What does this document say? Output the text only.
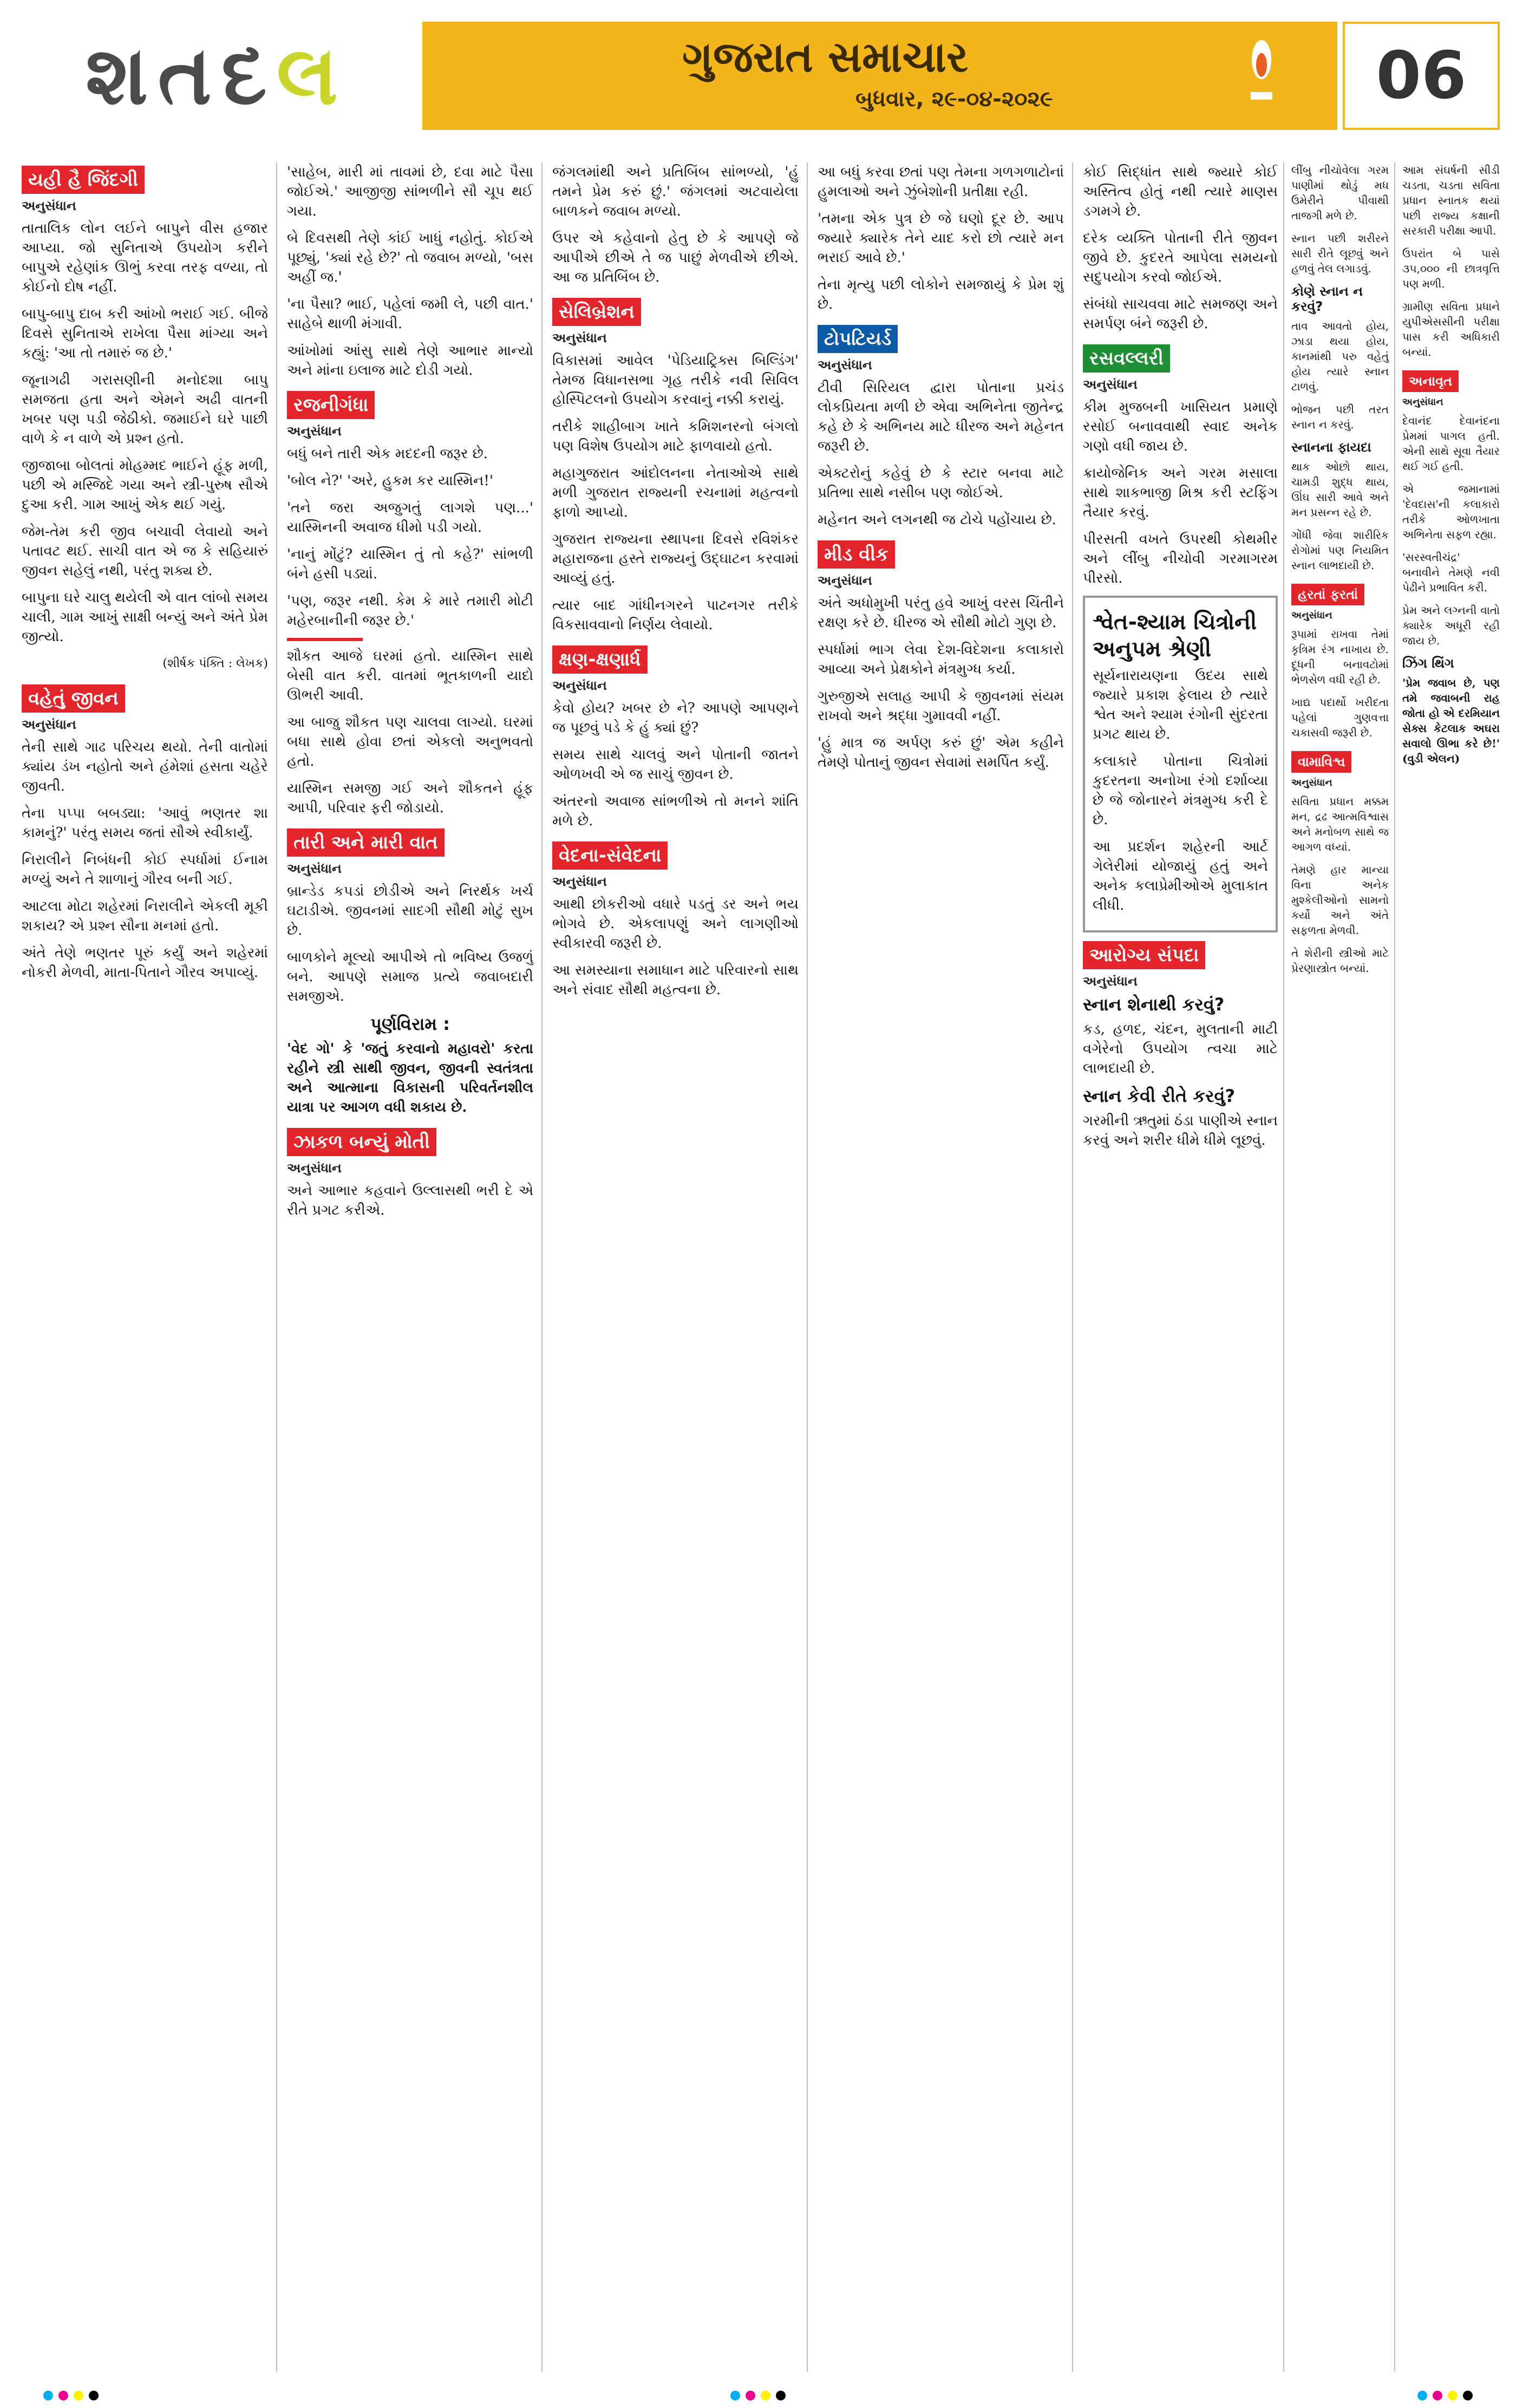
શતદલ	ગુજરાત સમાચાર
બુધવાર, ૨૯-૦૪-૨૦૨૯	06
યહી હૈ જિંદગી
અનુસંધાન

તાતાલિક લોન લઈને બાપુને વીસ હજાર આપ્યા. જો સુનિતાએ ઉપયોગ કરીને બાપુએ રહેણાંક ઊભું કરવા તરફ વળ્યા, તો કોઈનો દોષ નહીં.

બાપુ-બાપુ દાબ કરી આંખો ભરાઈ ગઈ. બીજે દિવસે સુનિતાએ રાખેલા પૈસા માંગ્યા અને કહ્યું: 'આ તો તમારું જ છે.'

જૂનાગઢી ગરાસણીની મનોદશા બાપુ સમજતા હતા અને એમને અઢી વાતની ખબર પણ પડી જેઠીકો. જમાઈને ઘરે પાછી વાળે કે ન વાળે એ પ્રશ્ન હતો.

જીજાબા બોલતાં મોહમ્મદ ભાઈને હૂંફ મળી, પછી એ મસ્જિદે ગયા અને સ્ત્રી-પુરુષ સૌએ દુઆ કરી. ગામ આખું એક થઈ ગયું.

જેમ-તેમ કરી જીવ બચાવી લેવાયો અને પતાવટ થઈ. સાચી વાત એ જ કે સહિયારું જીવન સહેલું નથી, પરંતુ શક્ય છે.

બાપુના ઘરે ચાલુ થયેલી એ વાત લાંબો સમય ચાલી, ગામ આખું સાક્ષી બન્યું અને અંતે પ્રેમ જીત્યો.

(શીર્ષક પંક્તિ : લેખક)

વહેતું જીવન
અનુસંધાન

તેની સાથે ગાઢ પરિચય થયો. તેની વાતોમાં ક્યાંય ડંખ નહોતો અને હંમેશાં હસતા ચહેરે જીવતી.

તેના પપ્પા બબડ્યા: 'આવું ભણતર શા કામનું?' પરંતુ સમય જતાં સૌએ સ્વીકાર્યું.

નિરાલીને નિબંધની કોઈ સ્પર્ધામાં ઈનામ મળ્યું અને તે શાળાનું ગૌરવ બની ગઈ.

આટલા મોટા શહેરમાં નિરાલીને એકલી મૂકી શકાય? એ પ્રશ્ન સૌના મનમાં હતો.

અંતે તેણે ભણતર પૂરું કર્યું અને શહેરમાં નોકરી મેળવી, માતા-પિતાને ગૌરવ અપાવ્યું.

'સાહેબ, મારી માં તાવમાં છે, દવા માટે પૈસા જોઈએ.' આજીજી સાંભળીને સૌ ચૂપ થઈ ગયા.

બે દિવસથી તેણે કાંઈ ખાધું નહોતું. કોઈએ પૂછ્યું, 'ક્યાં રહે છે?' તો જવાબ મળ્યો, 'બસ અહીં જ.'

'ના પૈસા? ભાઈ, પહેલાં જમી લે, પછી વાત.' સાહેબે થાળી મંગાવી.

આંખોમાં આંસુ સાથે તેણે આભાર માન્યો અને માંના ઇલાજ માટે દોડી ગયો.

રજનીગંધા
અનુસંધાન

બધું બને તારી એક મદદની જરૂર છે.

'બોલ ને?' 'અરે, હુકમ કર યાસ્મિન!'

'તને જરા અજુગતું લાગશે પણ...' યાસ્મિનની અવાજ ધીમો પડી ગયો.

'નાનું મોંટું? યાસ્મિન તું તો કહે?' સાંભળી બંને હસી પડ્યાં.

'પણ, જરૂર નથી. કેમ કે મારે તમારી મોટી મહેરબાનીની જરૂર છે.'

શૌકત આજે ઘરમાં હતો. યાસ્મિન સાથે બેસી વાત કરી. વાતમાં ભૂતકાળની યાદો ઊભરી આવી.

આ બાજુ શૌકત પણ ચાલવા લાગ્યો. ઘરમાં બધા સાથે હોવા છતાં એકલો અનુભવતો હતો.

યાસ્મિન સમજી ગઈ અને શૌકતને હૂંફ આપી, પરિવાર ફરી જોડાયો.

તારી અને મારી વાત
અનુસંધાન

બ્રાન્ડેડ કપડાં છોડીએ અને નિરર્થક ખર્ચ ઘટાડીએ. જીવનમાં સાદગી સૌથી મોટું સુખ છે.

બાળકોને મૂલ્યો આપીએ તો ભવિષ્ય ઉજળું બને. આપણે સમાજ પ્રત્યે જવાબદારી સમજીએ.

પૂર્ણવિરામ :

'વેદ ગો' કે 'જતું કરવાનો મહાવરો' કરતા રહીને સ્ત્રી સાથી જીવન, જીવની સ્વતંત્રતા અને આત્માના વિકાસની પરિવર્તનશીલ યાત્રા પર આગળ વધી શકાય છે.

ઝાકળ બન્યું મોતી
અનુસંધાન

અને આભાર કહવાને ઉલ્લાસથી ભરી દે એ રીતે પ્રગટ કરીએ.

જંગલમાંથી અને પ્રતિબિંબ સાંભળ્યો, 'હું તમને પ્રેમ કરું છું.' જંગલમાં અટવાયેલા બાળકને જવાબ મળ્યો.

ઉપર એ કહેવાનો હેતુ છે કે આપણે જે આપીએ છીએ તે જ પાછું મેળવીએ છીએ. આ જ પ્રતિબિંબ છે.

સેલિબ્રેશન
અનુસંધાન

વિકાસમાં આવેલ 'પેડિયાટ્રિક્સ બિલ્ડિંગ' તેમજ વિધાનસભા ગૃહ તરીકે નવી સિવિલ હોસ્પિટલનો ઉપયોગ કરવાનું નક્કી કરાયું.

તરીકે શાહીબાગ ખાતે કમિશનરનો બંગલો પણ વિશેષ ઉપયોગ માટે ફાળવાયો હતો.

મહાગુજરાત આંદોલનના નેતાઓએ સાથે મળી ગુજરાત રાજ્યની રચનામાં મહત્વનો ફાળો આપ્યો.

ગુજરાત રાજ્યના સ્થાપના દિવસે રવિશંકર મહારાજના હસ્તે રાજ્યનું ઉદ્ઘાટન કરવામાં આવ્યું હતું.

ત્યાર બાદ ગાંધીનગરને પાટનગર તરીકે વિકસાવવાનો નિર્ણય લેવાયો.

ક્ષણ-ક્ષણાર્ધ
અનુસંધાન

કેવો હોય? ખબર છે ને? આપણે આપણને જ પૂછવું પડે કે હું ક્યાં છું?

સમય સાથે ચાલવું અને પોતાની જાતને ઓળખવી એ જ સાચું જીવન છે.

અંતરનો અવાજ સાંભળીએ તો મનને શાંતિ મળે છે.

વેદના-સંવેદના
અનુસંધાન

આથી છોકરીઓ વધારે પડતું ડર અને ભય ભોગવે છે. એકલાપણું અને લાગણીઓ સ્વીકારવી જરૂરી છે.

આ સમસ્યાના સમાધાન માટે પરિવારનો સાથ અને સંવાદ સૌથી મહત્વના છે.

આ બધું કરવા છતાં પણ તેમના ગળગળાટોનાં હુમલાઓ અને ઝુંબેશોની પ્રતીક્ષા રહી.

'તમના એક પુત્ર છે જે ઘણો દૂર છે. આપ જ્યારે ક્યારેક તેને યાદ કરો છો ત્યારે મન ભરાઈ આવે છે.'

તેના મૃત્યુ પછી લોકોને સમજાયું કે પ્રેમ શું છે.

ટોપટિયર્ડ
અનુસંધાન

ટીવી સિરિયલ દ્વારા પોતાના પ્રચંડ લોકપ્રિયતા મળી છે એવા અભિનેતા જીતેન્દ્ર કહે છે કે અભિનય માટે ધીરજ અને મહેનત જરૂરી છે.

એક્ટરોનું કહેવું છે કે સ્ટાર બનવા માટે પ્રતિભા સાથે નસીબ પણ જોઈએ.

મહેનત અને લગનથી જ ટોચે પહોંચાય છે.

મીડ વીક
અનુસંધાન

અંતે અધોમુખી પરંતુ હવે આખું વરસ ચિંતીને રક્ષણ કરે છે. ધીરજ એ સૌથી મોટો ગુણ છે.

સ્પર્ધામાં ભાગ લેવા દેશ-વિદેશના કલાકારો આવ્યા અને પ્રેક્ષકોને મંત્રમુગ્ધ કર્યા.

ગુરુજીએ સલાહ આપી કે જીવનમાં સંયમ રાખવો અને શ્રદ્ધા ગુમાવવી નહીં.

'હું માત્ર જ અર્પણ કરું છું' એમ કહીને તેમણે પોતાનું જીવન સેવામાં સમર્પિત કર્યું.

કોઈ સિદ્ધાંત સાથે જ્યારે કોઈ અસ્તિત્વ હોતું નથી ત્યારે માણસ ડગમગે છે.

દરેક વ્યક્તિ પોતાની રીતે જીવન જીવે છે. કુદરતે આપેલા સમયનો સદુપયોગ કરવો જોઈએ.

સંબંધો સાચવવા માટે સમજણ અને સમર્પણ બંને જરૂરી છે.

રસવલ્લરી
અનુસંધાન

કીમ મુજબની ખાસિયત પ્રમાણે રસોઈ બનાવવાથી સ્વાદ અનેક ગણો વધી જાય છે.

ક્રાયોજેનિક અને ગરમ મસાલા સાથે શાકભાજી મિશ્ર કરી સ્ટફિંગ તૈયાર કરવું.

પીરસતી વખતે ઉપરથી કોથમીર અને લીંબુ નીચોવી ગરમાગરમ પીરસો.

શ્વેત-શ્યામ ચિત્રોની અનુપમ શ્રેણી

સૂર્યનારાયણના ઉદય સાથે જ્યારે પ્રકાશ ફેલાય છે ત્યારે શ્વેત અને શ્યામ રંગોની સુંદરતા પ્રગટ થાય છે.

કલાકારે પોતાના ચિત્રોમાં કુદરતના અનોખા રંગો દર્શાવ્યા છે જે જોનારને મંત્રમુગ્ધ કરી દે છે.

આ પ્રદર્શન શહેરની આર્ટ ગેલેરીમાં યોજાયું હતું અને અનેક કલાપ્રેમીઓએ મુલાકાત લીધી.

આરોગ્ય સંપદા
અનુસંધાન
સ્નાન શેનાથી કરવું?

કડ, હળદ, ચંદન, મુલતાની માટી વગેરેનો ઉપયોગ ત્વચા માટે લાભદાયી છે.

સ્નાન કેવી રીતે કરવું?

ગરમીની ઋતુમાં ઠંડા પાણીએ સ્નાન કરવું અને શરીર ધીમે ધીમે લૂછવું.

લીંબુ નીચોવેલા ગરમ પાણીમાં થોડું મધ ઉમેરીને પીવાથી તાજગી મળે છે.

સ્નાન પછી શરીરને સારી રીતે લૂછવું અને હળવું તેલ લગાડવું.

કોણે સ્નાન ન કરવું?

તાવ આવતો હોય, ઝાડા થયા હોય, કાનમાંથી પરુ વહેતું હોય ત્યારે સ્નાન ટાળવું.

ભોજન પછી તરત સ્નાન ન કરવું.

સ્નાનના ફાયદા

થાક ઓછો થાય, ચામડી શુદ્ધ થાય, ઊંઘ સારી આવે અને મન પ્રસન્ન રહે છે.

ગોંધી જેવા શારીરિક રોગોમાં પણ નિયમિત સ્નાન લાભદાયી છે.

હરતાં ફરતાં
અનુસંધાન

રૂપામાં રાખવા તેમાં કૃત્રિમ રંગ નાખાય છે. દૂધની બનાવટોમાં ભેળસેળ વધી રહી છે.

ખાદ્ય પદાર્થો ખરીદતા પહેલાં ગુણવત્તા ચકાસવી જરૂરી છે.

વામાવિશ્વ
અનુસંધાન

સવિતા પ્રધાન મક્કમ મન, દ્રઢ આત્મવિશ્વાસ અને મનોબળ સાથે જ આગળ વધ્યાં.

તેમણે હાર માન્યા વિના અનેક મુશ્કેલીઓનો સામનો કર્યો અને અંતે સફળતા મેળવી.

તે શેરીની સ્ત્રીઓ માટે પ્રેરણાસ્ત્રોત બન્યાં.

આમ સંઘર્ષની સીડી ચડતા, ચડતા સવિતા પ્રધાન સ્નાતક થયાં પછી રાજ્ય કક્ષાની સરકારી પરીક્ષા આપી.

ઉપરાંત બે પાસે ૩૫,૦૦૦ ની છાત્રવૃત્તિ પણ મળી.

ગ્રામીણ સવિતા પ્રધાને યુપીએસસીની પરીક્ષા પાસ કરી અધિકારી બન્યાં.

અનાવૃત
અનુસંધાન

દેવાનંદ દેવાનંદના પ્રેમમાં પાગલ હતી. એની સાથે સૂવા તૈયાર થઈ ગઈ હતી.

એ જમાનામાં 'દેવદાસ'ની કલાકારો તરીકે ઓળખાતા અભિનેતા સફળ રહ્યા.

'સરસ્વતીચંદ્ર' બનાવીને તેમણે નવી પેઢીને પ્રભાવિત કરી.

પ્રેમ અને લગ્નની વાતો ક્યારેક અધૂરી રહી જાય છે.

ઝિંગ થિંગ

'પ્રેમ જવાબ છે, પણ તમે જવાબની રાહ જોતા હો એ દરમિયાન સેક્સ કેટલાક અઘરા સવાલો ઊભા કરે છે!' (વુડી એલન)
